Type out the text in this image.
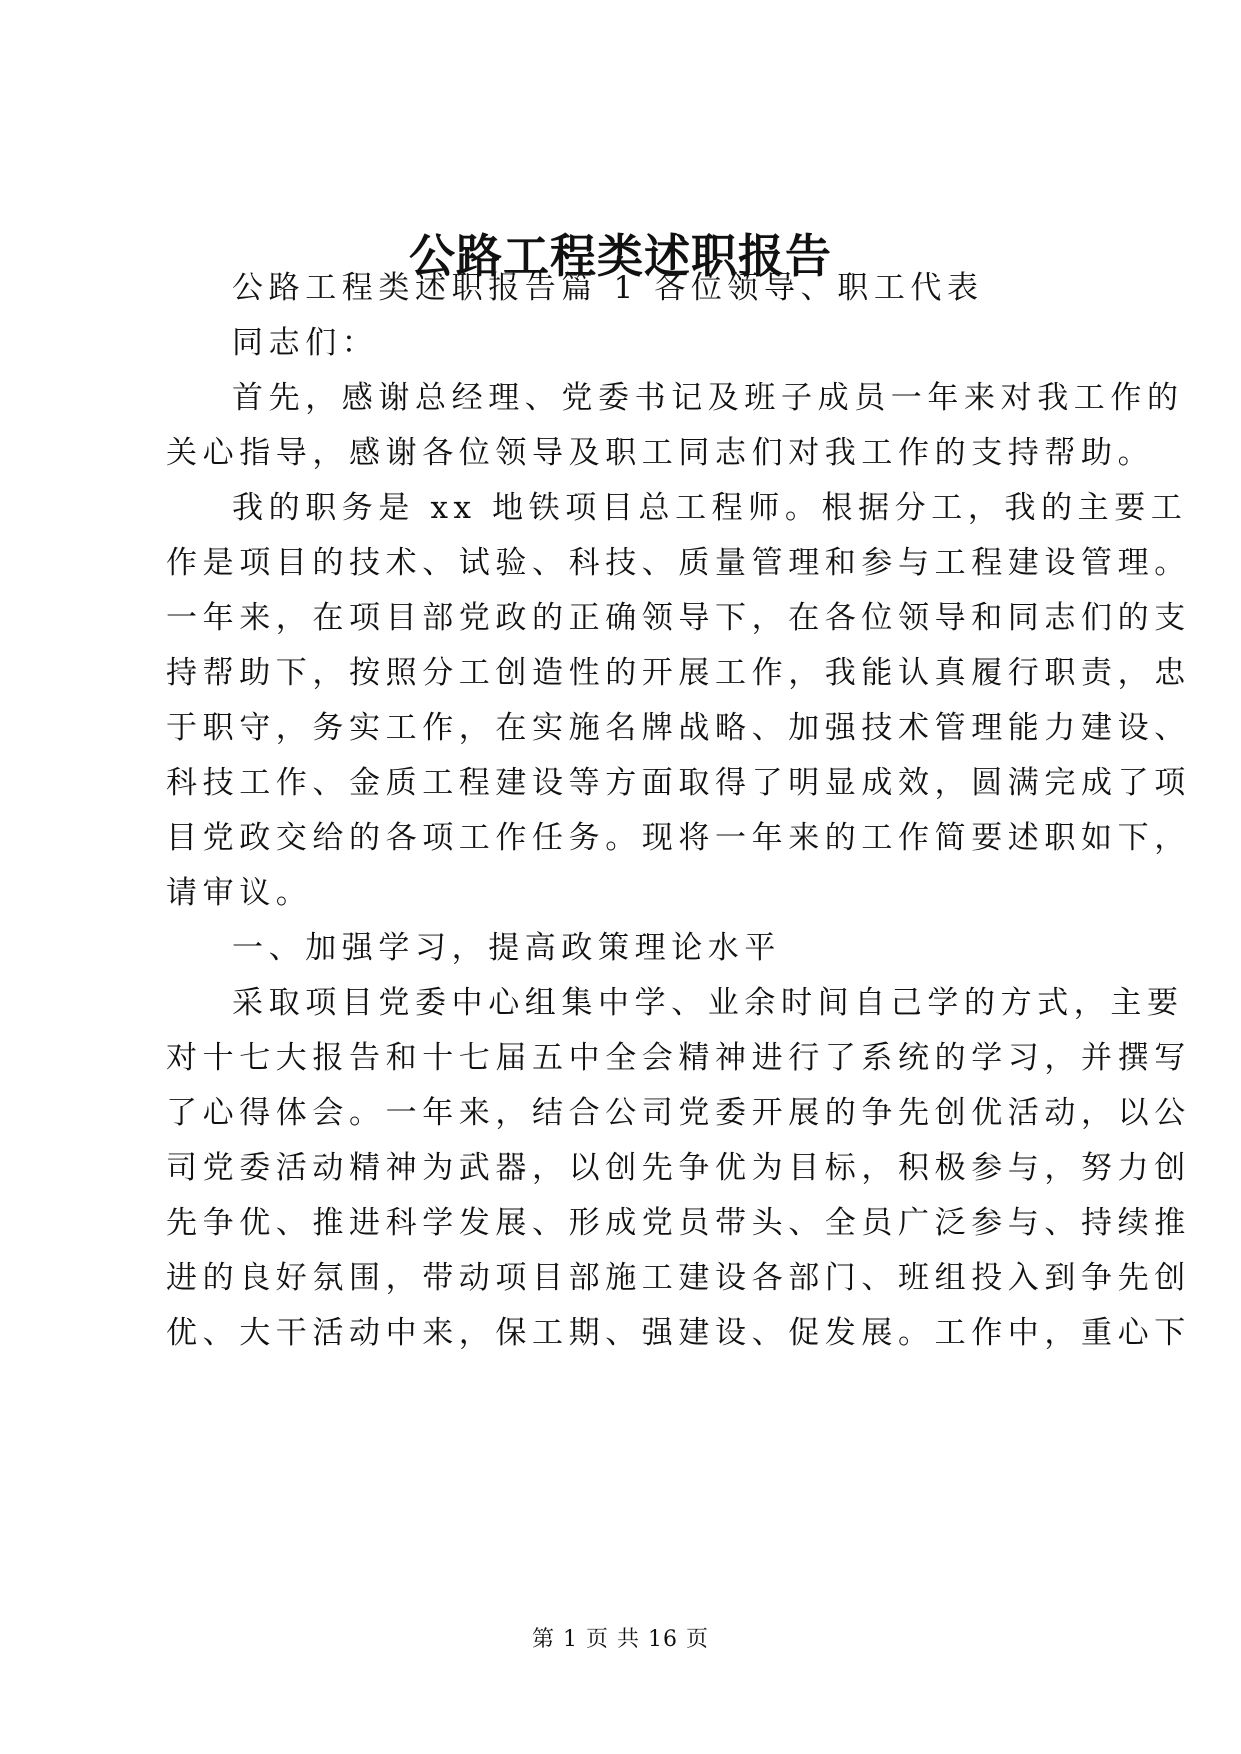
公路工程类述职报告
公路工程类述职报告篇 1 各位领导、职工代表
同志们：
首先，感谢总经理、党委书记及班子成员一年来对我工作的
关心指导，感谢各位领导及职工同志们对我工作的支持帮助。
我的职务是 xx 地铁项目总工程师。根据分工，我的主要工
作是项目的技术、试验、科技、质量管理和参与工程建设管理。
一年来，在项目部党政的正确领导下，在各位领导和同志们的支
持帮助下，按照分工创造性的开展工作，我能认真履行职责，忠
于职守，务实工作，在实施名牌战略、加强技术管理能力建设、
科技工作、金质工程建设等方面取得了明显成效，圆满完成了项
目党政交给的各项工作任务。现将一年来的工作简要述职如下，
请审议。
一、加强学习，提高政策理论水平
采取项目党委中心组集中学、业余时间自己学的方式，主要
对十七大报告和十七届五中全会精神进行了系统的学习，并撰写
了心得体会。一年来，结合公司党委开展的争先创优活动，以公
司党委活动精神为武器，以创先争优为目标，积极参与，努力创
先争优、推进科学发展、形成党员带头、全员广泛参与、持续推
进的良好氛围，带动项目部施工建设各部门、班组投入到争先创
优、大干活动中来，保工期、强建设、促发展。工作中，重心下
第 1 页 共 16 页
